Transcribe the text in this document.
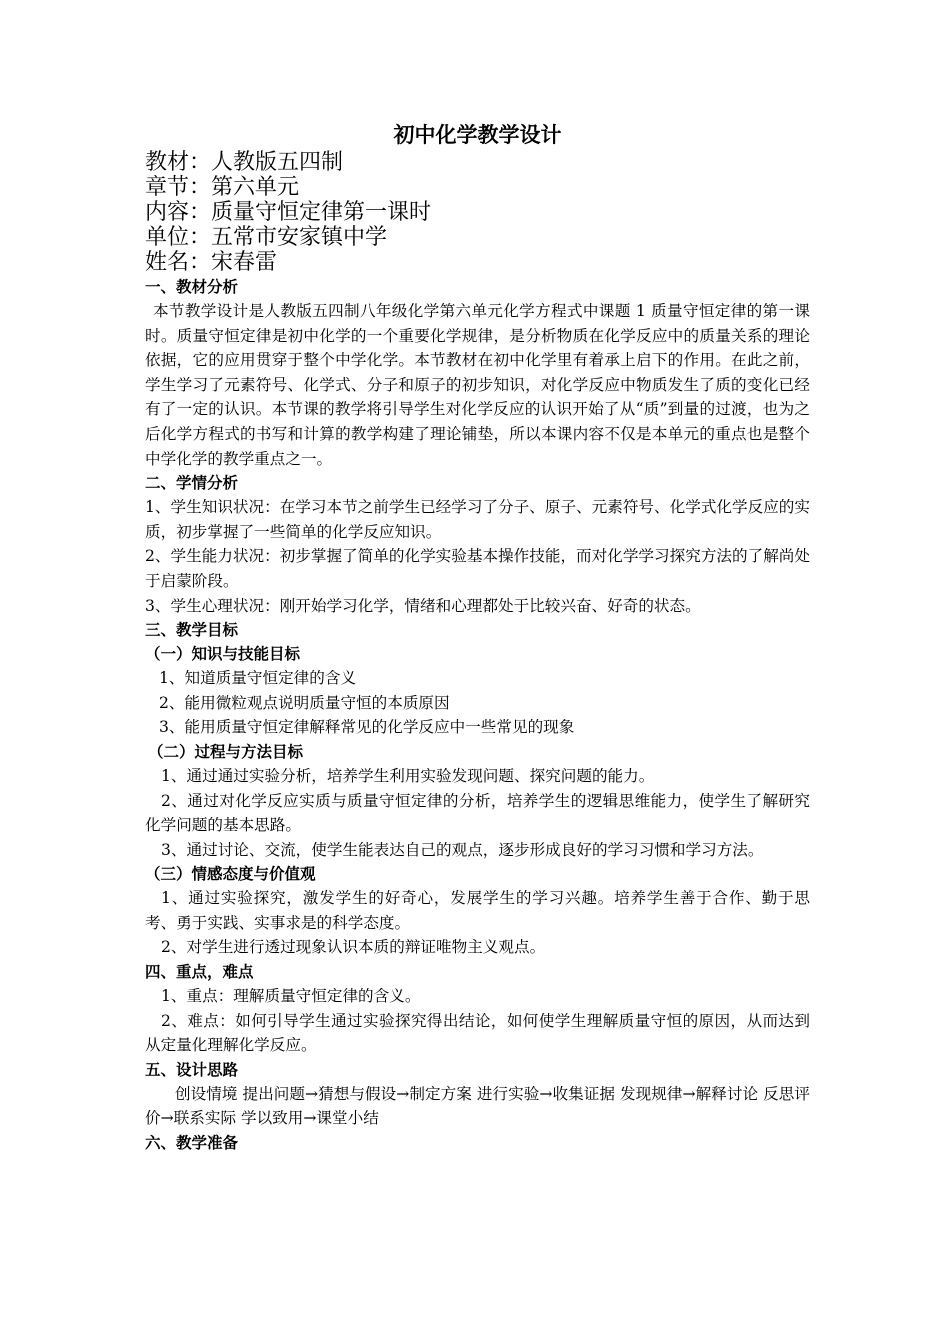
初中化学教学设计
教材：人教版五四制
章节：第六单元
内容：质量守恒定律第一课时
单位：五常市安家镇中学
姓名：宋春雷
一、教材分析
本节教学设计是人教版五四制八年级化学第六单元化学方程式中课题 1 质量守恒定律的第一课时。质量守恒定律是初中化学的一个重要化学规律，是分析物质在化学反应中的质量关系的理论依据，它的应用贯穿于整个中学化学。本节教材在初中化学里有着承上启下的作用。在此之前，学生学习了元素符号、化学式、分子和原子的初步知识，对化学反应中物质发生了质的变化已经有了一定的认识。本节课的教学将引导学生对化学反应的认识开始了从“质”到量的过渡，也为之后化学方程式的书写和计算的教学构建了理论铺垫，所以本课内容不仅是本单元的重点也是整个中学化学的教学重点之一。
二、学情分析
1、学生知识状况：在学习本节之前学生已经学习了分子、原子、元素符号、化学式化学反应的实质，初步掌握了一些简单的化学反应知识。
2、学生能力状况：初步掌握了简单的化学实验基本操作技能，而对化学学习探究方法的了解尚处于启蒙阶段。
3、学生心理状况：刚开始学习化学，情绪和心理都处于比较兴奋、好奇的状态。
三、教学目标
（一）知识与技能目标
1、知道质量守恒定律的含义
2、能用微粒观点说明质量守恒的本质原因
3、能用质量守恒定律解释常见的化学反应中一些常见的现象
（二）过程与方法目标
1、通过通过实验分析，培养学生利用实验发现问题、探究问题的能力。
2、通过对化学反应实质与质量守恒定律的分析，培养学生的逻辑思维能力，使学生了解研究化学问题的基本思路。
3、通过讨论、交流，使学生能表达自己的观点，逐步形成良好的学习习惯和学习方法。
（三）情感态度与价值观
1、通过实验探究，激发学生的好奇心，发展学生的学习兴趣。培养学生善于合作、勤于思考、勇于实践、实事求是的科学态度。
2、对学生进行透过现象认识本质的辩证唯物主义观点。
四、重点，难点
1、重点：理解质量守恒定律的含义。
2、难点：如何引导学生通过实验探究得出结论，如何使学生理解质量守恒的原因，从而达到从定量化理解化学反应。
五、设计思路
创设情境 提出问题→猜想与假设→制定方案 进行实验→收集证据 发现规律→解释讨论 反思评价→联系实际 学以致用→课堂小结
六、教学准备
